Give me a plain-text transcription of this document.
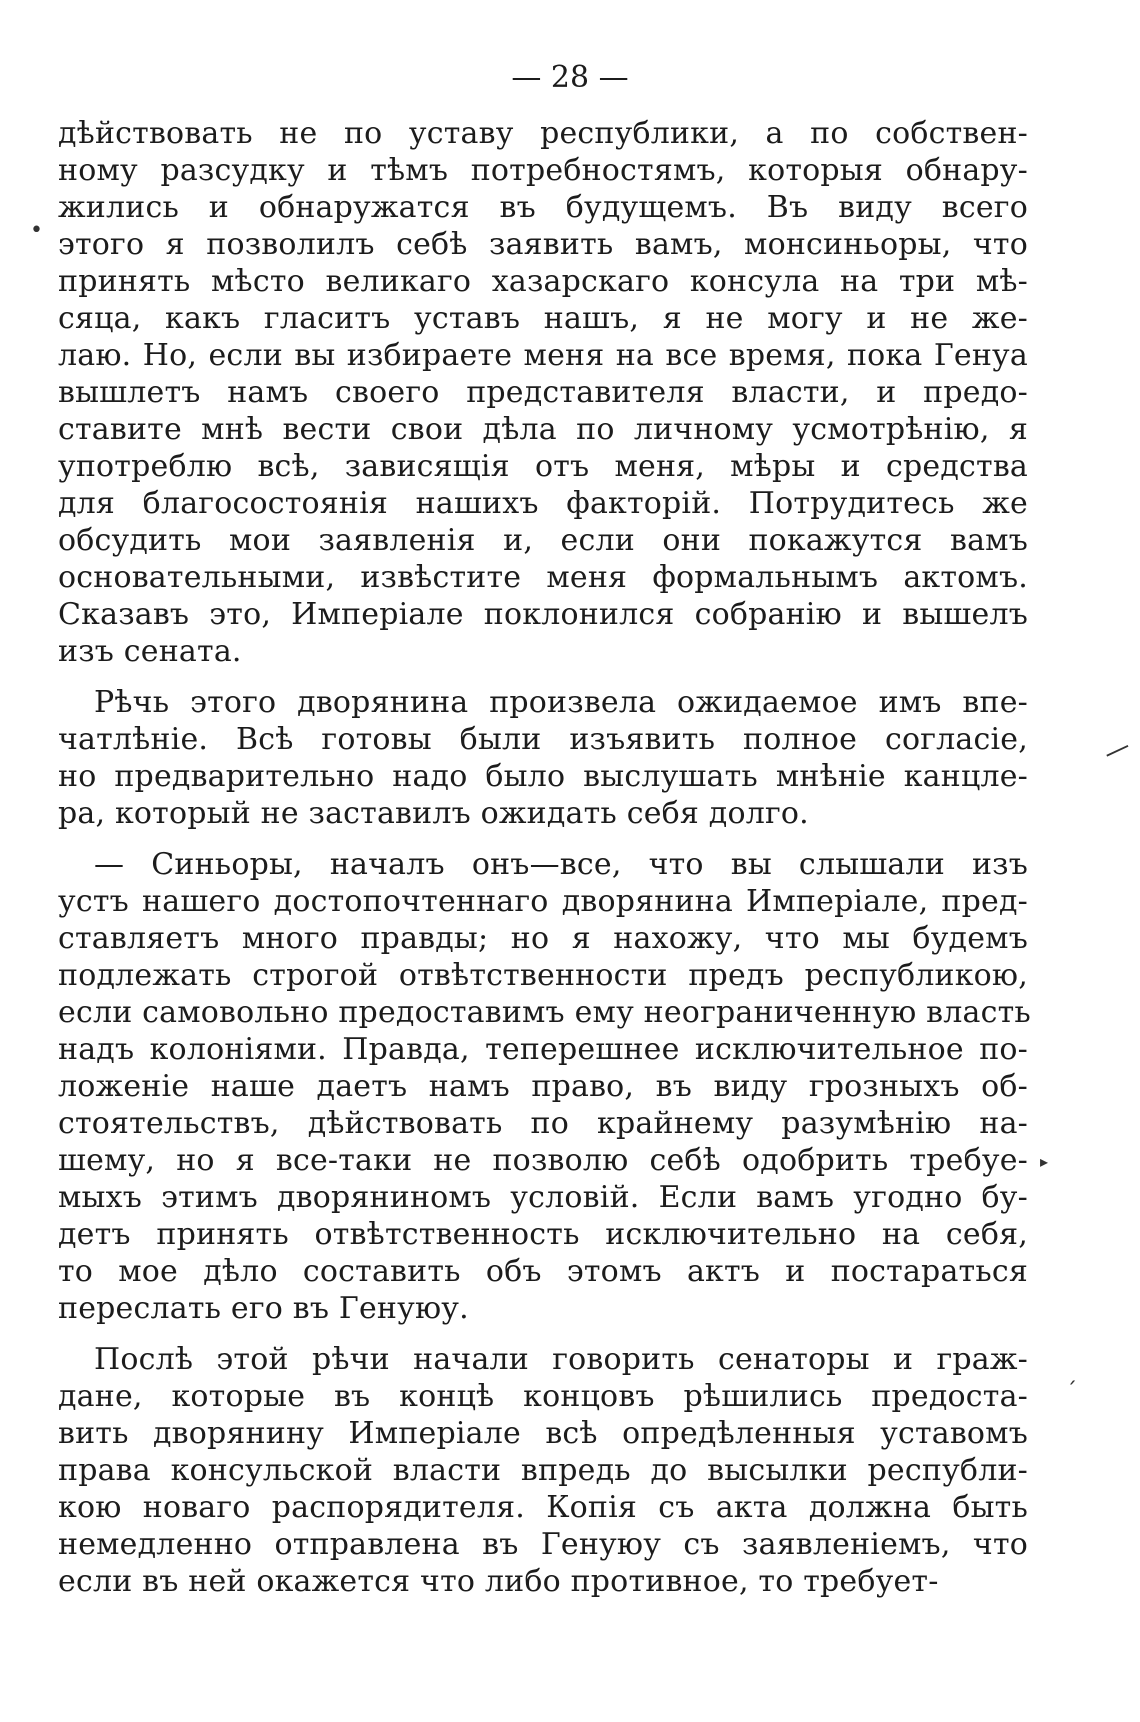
— 28 —
дѣйствовать не по уставу республики, а по собствен-
ному разсудку и тѣмъ потребностямъ, которыя обнару-
жились и обнаружатся въ будущемъ. Въ виду всего
этого я позволилъ себѣ заявить вамъ, монсиньоры, что
принять мѣсто великаго хазарскаго консула на три мѣ-
сяца, какъ гласитъ уставъ нашъ, я не могу и не же-
лаю. Но, если вы избираете меня на все время, пока Генуа
вышлетъ намъ своего представителя власти, и предо-
ставите мнѣ вести свои дѣла по личному усмотрѣнію, я
употреблю всѣ, зависящія отъ меня, мѣры и средства
для благосостоянія нашихъ факторій. Потрудитесь же
обсудить мои заявленія и, если они покажутся вамъ
основательными, извѣстите меня формальнымъ актомъ.
Сказавъ это, Имперіале поклонился собранію и вышелъ
изъ сената.
Рѣчь этого дворянина произвела ожидаемое имъ впе-
чатлѣніе. Всѣ готовы были изъявить полное согласіе,
но предварительно надо было выслушать мнѣніе канцле-
ра, который не заставилъ ожидать себя долго.
— Синьоры, началъ онъ—все, что вы слышали изъ
устъ нашего достопочтеннаго дворянина Имперіале, пред-
ставляетъ много правды; но я нахожу, что мы будемъ
подлежать строгой отвѣтственности предъ республикою,
если самовольно предоставимъ ему неограниченную власть
надъ колоніями. Правда, теперешнее исключительное по-
ложеніе наше даетъ намъ право, въ виду грозныхъ об-
стоятельствъ, дѣйствовать по крайнему разумѣнію на-
шему, но я все-таки не позволю себѣ одобрить требуе-
мыхъ этимъ дворяниномъ условій. Если вамъ угодно бу-
детъ принять отвѣтственность исключительно на себя,
то мое дѣло составить объ этомъ актъ и постараться
переслать его въ Генуюу.
Послѣ этой рѣчи начали говорить сенаторы и граж-
дане, которые въ концѣ концовъ рѣшились предоста-
вить дворянину Имперіале всѣ опредѣленныя уставомъ
права консульской власти впредь до высылки республи-
кою новаго распорядителя. Копія съ акта должна быть
немедленно отправлена въ Генуюу съ заявленіемъ, что
если въ ней окажется что либо противное, то требует-
•
—
▸
ˏ
